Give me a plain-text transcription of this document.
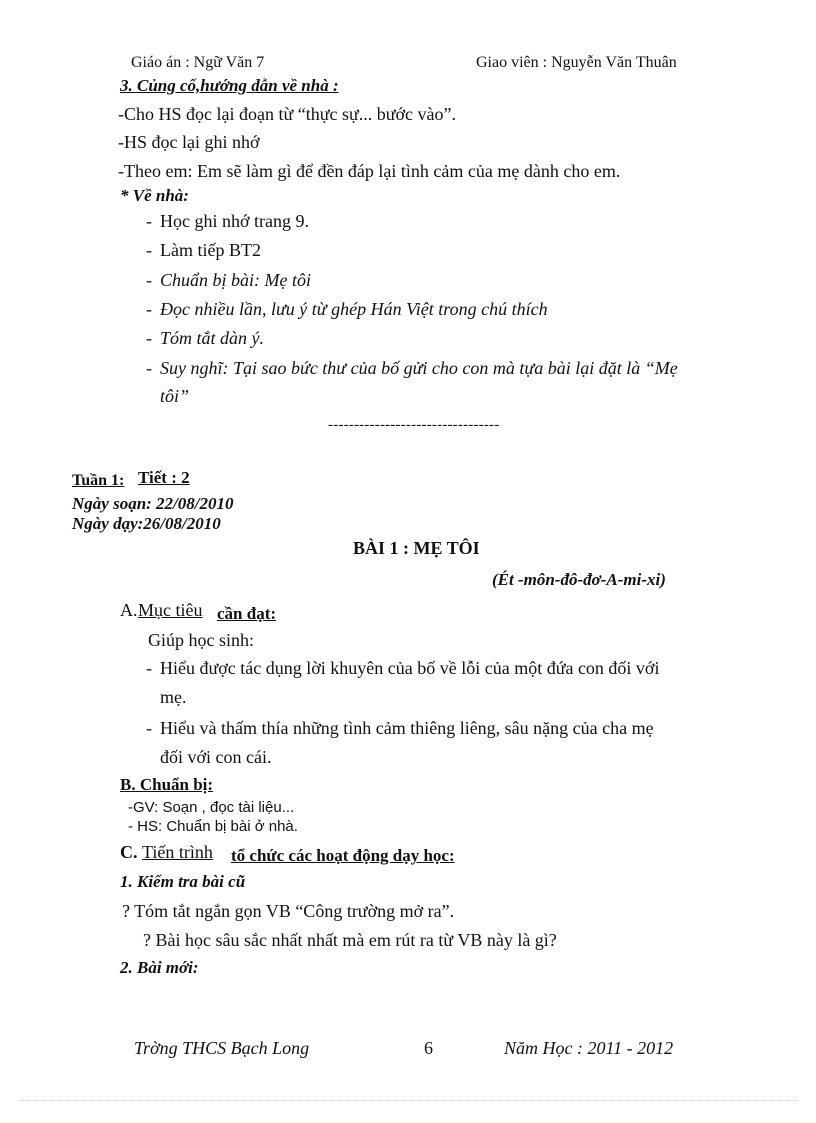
Giáo án : Ngữ Văn 7	Giao viên : Nguyễn Văn Thuân
3. Củng cố,hướng dẫn về nhà :
-Cho HS đọc lại đoạn từ “thực sự... bước vào”.
-HS đọc lại ghi nhớ
-Theo em: Em sẽ làm gì để đền đáp lại tình cảm của mẹ dành cho em.
* Về nhà:
- Học ghi nhớ trang 9.
- Làm tiếp BT2
- Chuẩn bị bài: Mẹ tôi
- Đọc nhiều lần, lưu ý từ ghép Hán Việt trong chú thích
- Tóm tắt dàn ý.
- Suy nghĩ: Tại sao bức thư của bố gửi cho con mà tựa bài lại đặt là “Mẹ
tôi”
---------------------------------
Tuần 1: Tiết : 2
Ngày soạn: 22/08/2010
Ngày dạy:26/08/2010
BÀI 1 : MẸ TÔI
(Ét -môn-đô-đơ-A-mi-xi)
A. Mục tiêu cần đạt:
Giúp học sinh:
- Hiểu được tác dụng lời khuyên của bố về lỗi của một đứa con đối với
mẹ.
- Hiểu và thấm thía những tình cảm thiêng liêng, sâu nặng của cha mẹ
đối với con cái.
B. Chuẩn bị:
-GV: Soạn , đọc tài liệu...
- HS: Chuẩn bị bài ở nhà.
C. Tiến trình tổ chức các hoạt động dạy học:
1. Kiểm tra bài cũ
? Tóm tắt ngắn gọn VB “Công trường mở ra”.
? Bài học sâu sắc nhất nhất mà em rút ra từ VB này là gì?
2. Bài mới:
Trờng THCS Bạch Long	6	Năm Học : 2011 - 2012
